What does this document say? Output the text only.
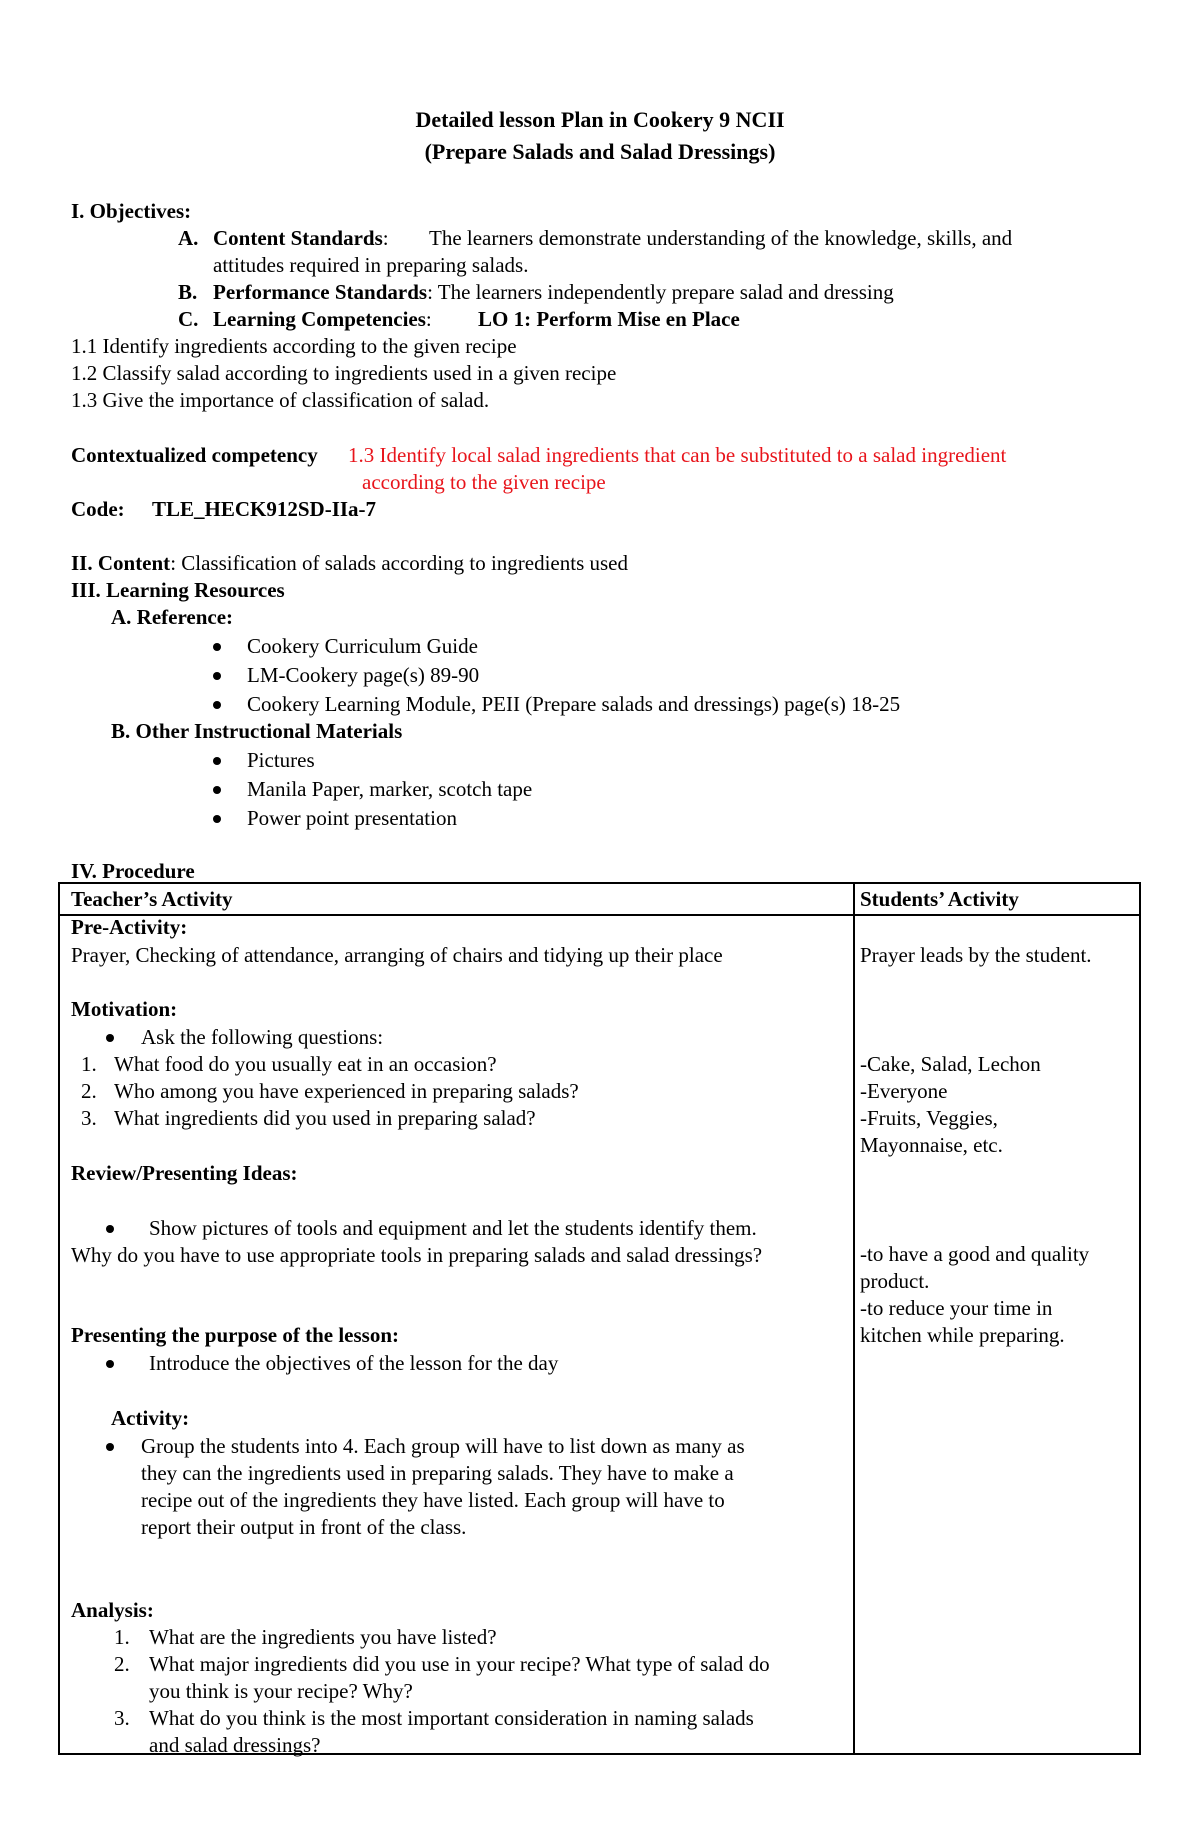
Detailed lesson Plan in Cookery 9 NCII
(Prepare Salads and Salad Dressings)
I. Objectives:
A. Content Standards: The learners demonstrate understanding of the knowledge, skills, and
attitudes required in preparing salads.
B. Performance Standards: The learners independently prepare salad and dressing
C. Learning Competencies: LO 1: Perform Mise en Place
1.1 Identify ingredients according to the given recipe
1.2 Classify salad according to ingredients used in a given recipe
1.3 Give the importance of classification of salad.
Contextualized competency 1.3 Identify local salad ingredients that can be substituted to a salad ingredient
according to the given recipe
Code: TLE_HECK912SD-IIa-7
II. Content: Classification of salads according to ingredients used
III. Learning Resources
A. Reference:
Cookery Curriculum Guide
LM-Cookery page(s) 89-90
Cookery Learning Module, PEII (Prepare salads and dressings) page(s) 18-25
B. Other Instructional Materials
Pictures
Manila Paper, marker, scotch tape
Power point presentation
IV. Procedure
Teacher’s Activity	Students’ Activity
Pre-Activity:
Prayer, Checking of attendance, arranging of chairs and tidying up their place	Prayer leads by the student.
Motivation:
Ask the following questions:
1. What food do you usually eat in an occasion?
2. Who among you have experienced in preparing salads?
3. What ingredients did you used in preparing salad?
-Cake, Salad, Lechon
-Everyone
-Fruits, Veggies,
Mayonnaise, etc.
Review/Presenting Ideas:
Show pictures of tools and equipment and let the students identify them.
Why do you have to use appropriate tools in preparing salads and salad dressings?	-to have a good and quality
product.
-to reduce your time in
kitchen while preparing.
Presenting the purpose of the lesson:
Introduce the objectives of the lesson for the day
Activity:
Group the students into 4. Each group will have to list down as many as
they can the ingredients used in preparing salads. They have to make a
recipe out of the ingredients they have listed. Each group will have to
report their output in front of the class.
Analysis:
1. What are the ingredients you have listed?
2. What major ingredients did you use in your recipe? What type of salad do
you think is your recipe? Why?
3. What do you think is the most important consideration in naming salads
and salad dressings?
